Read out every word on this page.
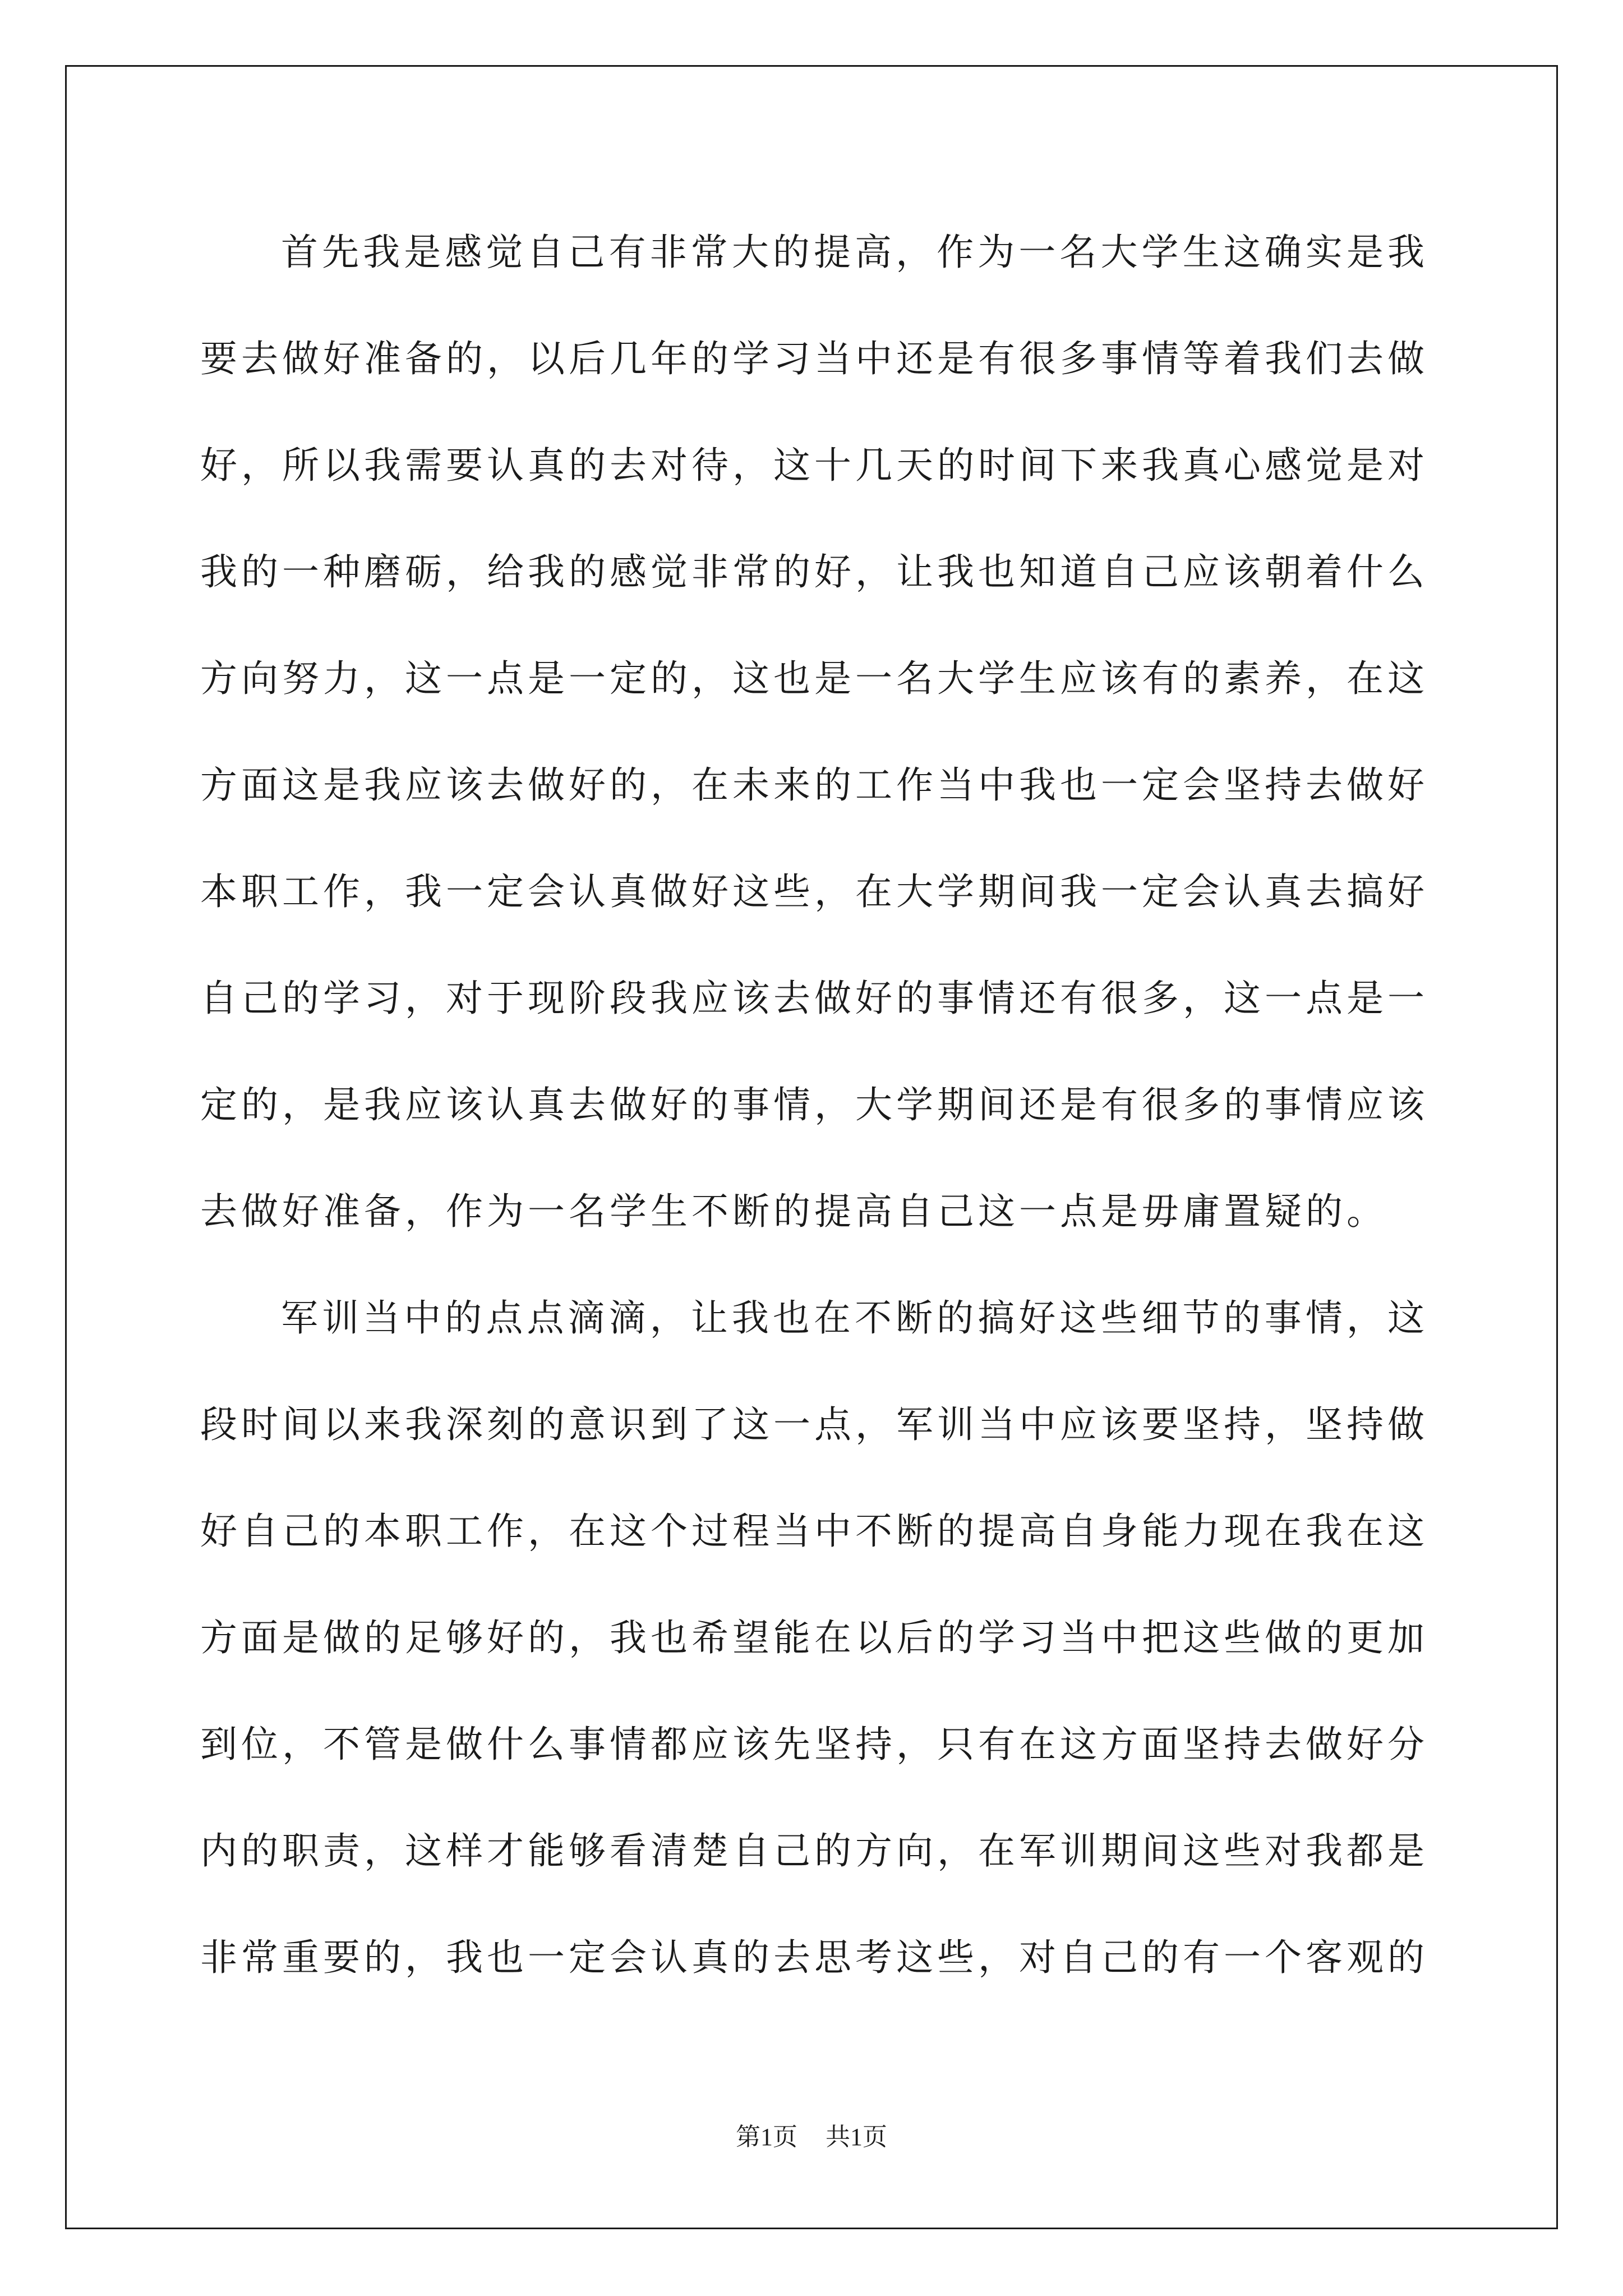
首先我是感觉自己有非常大的提高，作为一名大学生这确实是我要去做好准备的，以后几年的学习当中还是有很多事情等着我们去做好，所以我需要认真的去对待，这十几天的时间下来我真心感觉是对我的一种磨砺，给我的感觉非常的好，让我也知道自己应该朝着什么方向努力，这一点是一定的，这也是一名大学生应该有的素养，在这方面这是我应该去做好的，在未来的工作当中我也一定会坚持去做好本职工作，我一定会认真做好这些，在大学期间我一定会认真去搞好自己的学习，对于现阶段我应该去做好的事情还有很多，这一点是一定的，是我应该认真去做好的事情，大学期间还是有很多的事情应该去做好准备，作为一名学生不断的提高自己这一点是毋庸置疑的。

军训当中的点点滴滴，让我也在不断的搞好这些细节的事情，这段时间以来我深刻的意识到了这一点，军训当中应该要坚持，坚持做好自己的本职工作，在这个过程当中不断的提高自身能力现在我在这方面是做的足够好的，我也希望能在以后的学习当中把这些做的更加到位，不管是做什么事情都应该先坚持，只有在这方面坚持去做好分内的职责，这样才能够看清楚自己的方向，在军训期间这些对我都是非常重要的，我也一定会认真的去思考这些，对自己的有一个客观的

第1页 共1页
